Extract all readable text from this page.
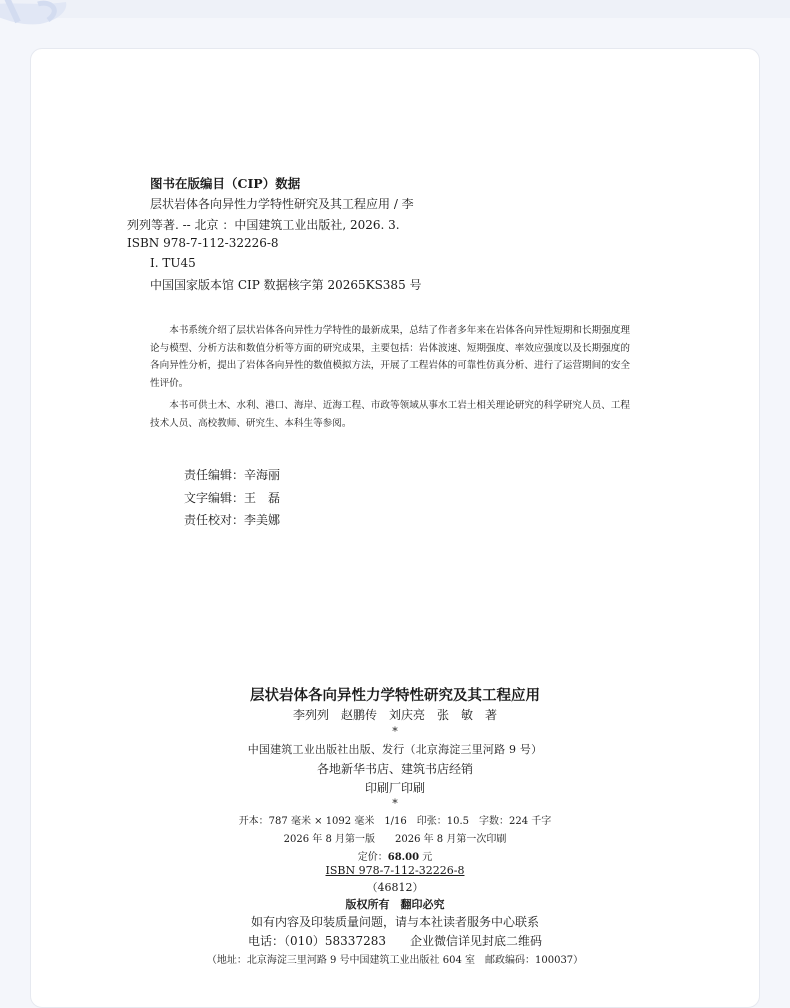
图书在版编目（CIP）数据
层状岩体各向异性力学特性研究及其工程应用 / 李
列列等著. -- 北京 ：中国建筑工业出版社, 2026. 3.
ISBN 978-7-112-32226-8
Ⅰ. TU45
中国国家版本馆 CIP 数据核字第 20265KS385 号
本书系统介绍了层状岩体各向异性力学特性的最新成果，总结了作者多年来在岩体各向异性短期和长期强度理论与模型、分析方法和数值分析等方面的研究成果，主要包括：岩体波速、短期强度、率效应强度以及长期强度的各向异性分析，提出了岩体各向异性的数值模拟方法，开展了工程岩体的可靠性仿真分析、进行了运营期间的安全性评价。
本书可供土木、水利、港口、海岸、近海工程、市政等领域从事水工岩土相关理论研究的科学研究人员、工程技术人员、高校教师、研究生、本科生等参阅。
责任编辑：辛海丽
文字编辑：王　磊
责任校对：李美娜
层状岩体各向异性力学特性研究及其工程应用
李列列　赵鹏传　刘庆亮　张　敏　著
*
中国建筑工业出版社出版、发行（北京海淀三里河路 9 号）
各地新华书店、建筑书店经销
印刷厂印刷
*
开本：787 毫米 × 1092 毫米　1/16　印张：10.5　字数：224 千字
2026 年 8 月第一版　　2026 年 8 月第一次印刷
定价：68.00 元
ISBN 978-7-112-32226-8
（46812）
版权所有　翻印必究
如有内容及印装质量问题，请与本社读者服务中心联系
电话：（010）58337283　　企业微信详见封底二维码
（地址：北京海淀三里河路 9 号中国建筑工业出版社 604 室　邮政编码：100037）
